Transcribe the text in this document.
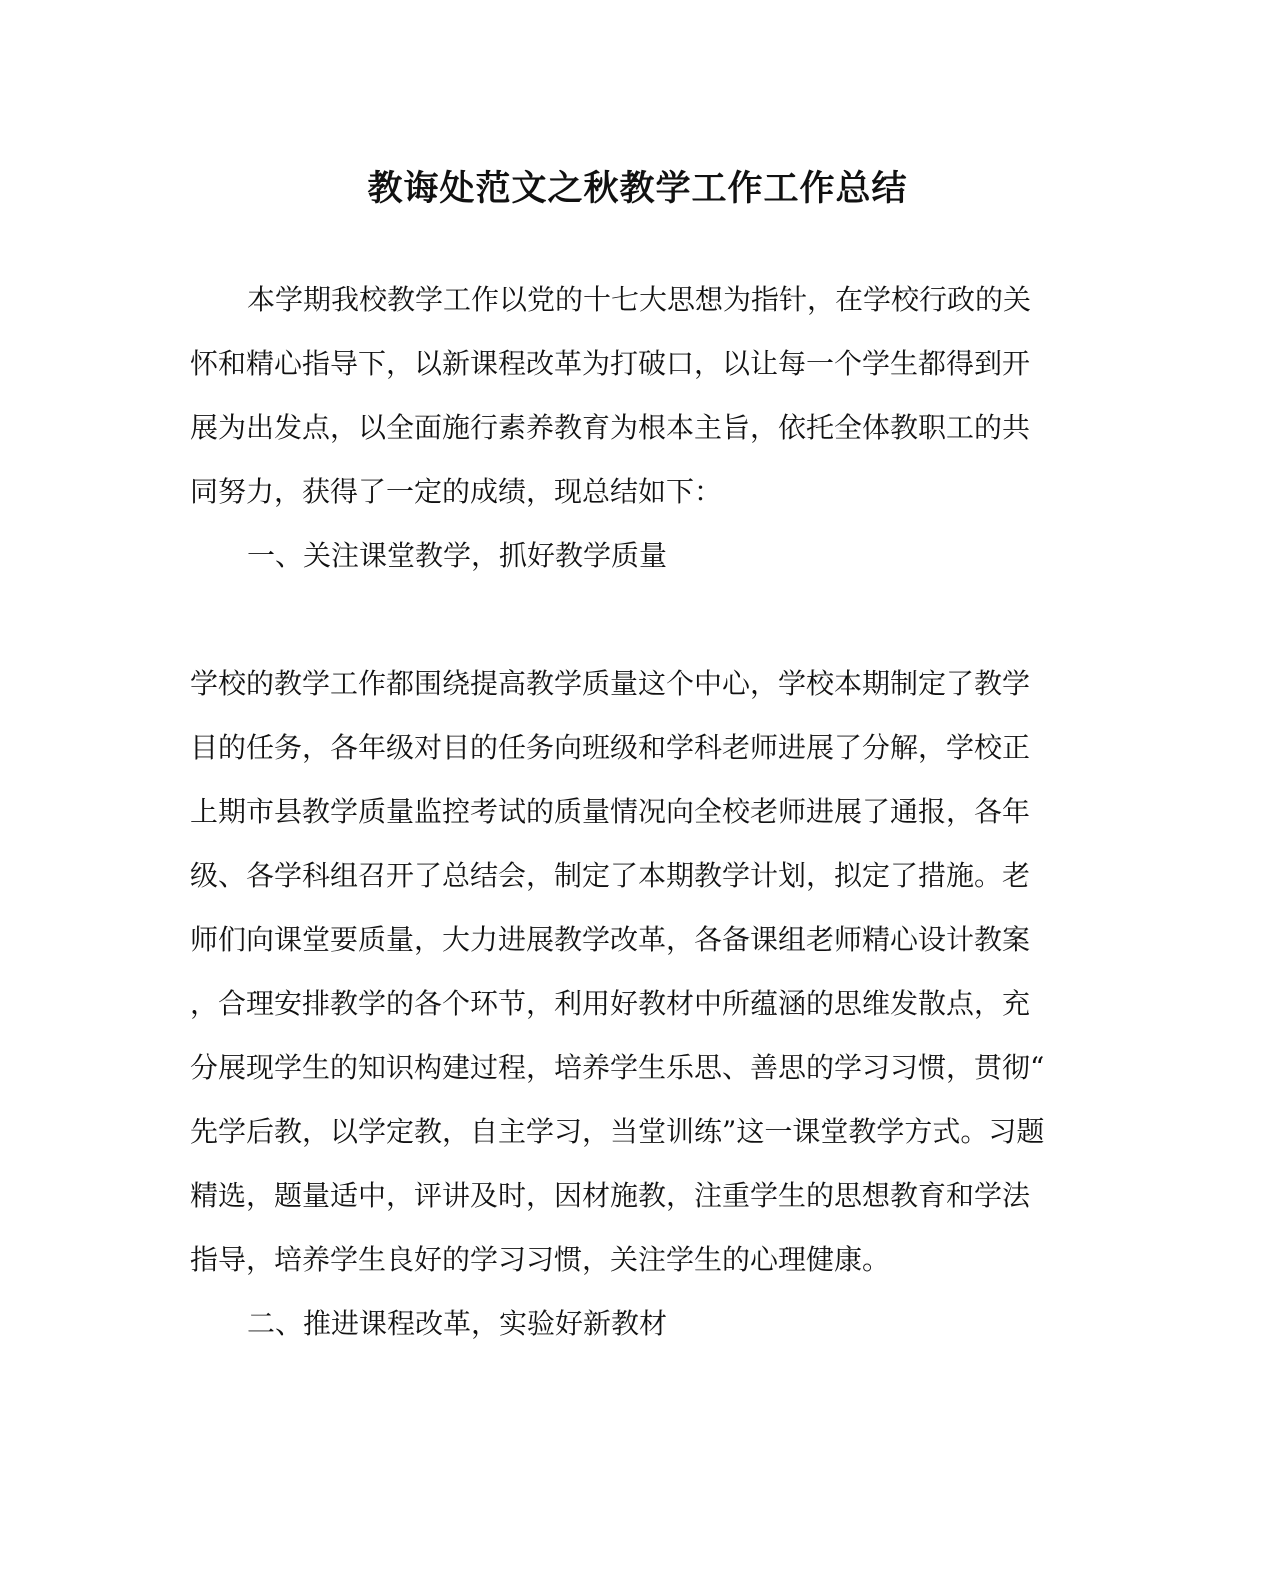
教诲处范文之秋教学工作工作总结
本学期我校教学工作以党的十七大思想为指针，在学校行政的关
怀和精心指导下，以新课程改革为打破口，以让每一个学生都得到开
展为出发点，以全面施行素养教育为根本主旨，依托全体教职工的共
同努力，获得了一定的成绩，现总结如下：
一、关注课堂教学，抓好教学质量
学校的教学工作都围绕提高教学质量这个中心，学校本期制定了教学
目的任务，各年级对目的任务向班级和学科老师进展了分解，学校正
上期市县教学质量监控考试的质量情况向全校老师进展了通报，各年
级、各学科组召开了总结会，制定了本期教学计划，拟定了措施。老
师们向课堂要质量，大力进展教学改革，各备课组老师精心设计教案
，合理安排教学的各个环节，利用好教材中所蕴涵的思维发散点，充
分展现学生的知识构建过程，培养学生乐思、善思的学习习惯，贯彻“
先学后教，以学定教，自主学习，当堂训练”这一课堂教学方式。习题
精选，题量适中，评讲及时，因材施教，注重学生的思想教育和学法
指导，培养学生良好的学习习惯，关注学生的心理健康。
二、推进课程改革，实验好新教材
